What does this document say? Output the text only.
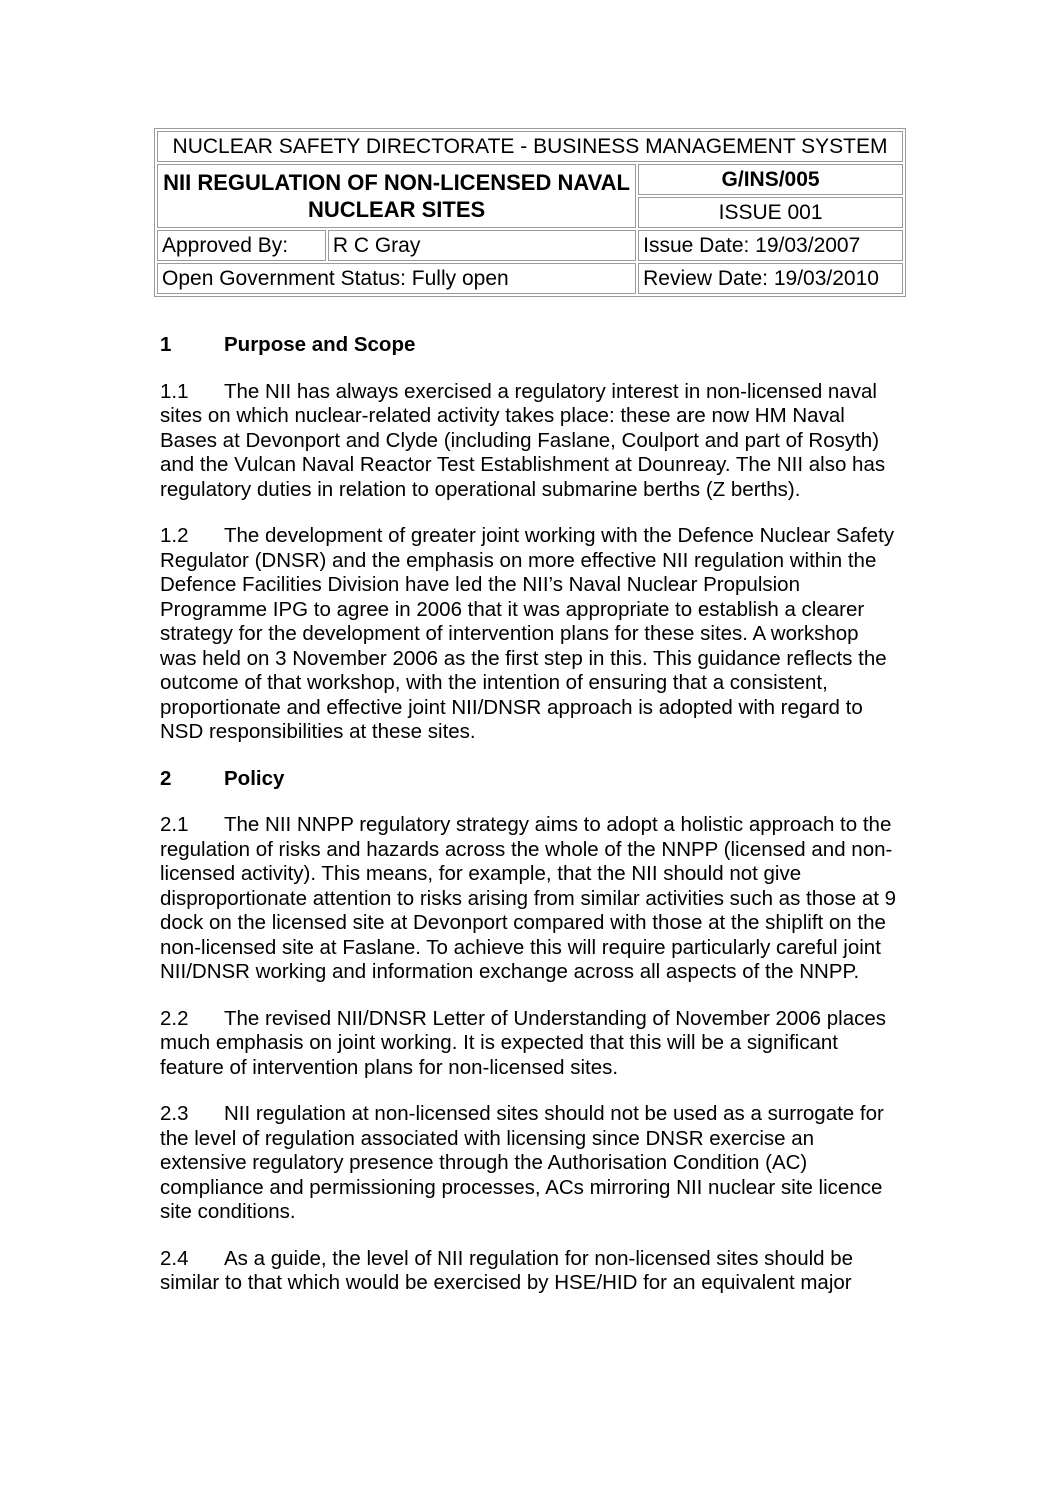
NUCLEAR SAFETY DIRECTORATE - BUSINESS MANAGEMENT SYSTEM		
NII REGULATION OF NON-LICENSED NAVAL NUCLEAR SITES		G/INS/005
		ISSUE 001
Approved By:	R C Gray	Issue Date: 19/03/2007
Open Government Status: Fully open		Review Date: 19/03/2010
1	Purpose and Scope

1.1 The NII has always exercised a regulatory interest in non-licensed naval sites on which nuclear-related activity takes place: these are now HM Naval Bases at Devonport and Clyde (including Faslane, Coulport and part of Rosyth) and the Vulcan Naval Reactor Test Establishment at Dounreay. The NII also has regulatory duties in relation to operational submarine berths (Z berths).

1.2 The development of greater joint working with the Defence Nuclear Safety Regulator (DNSR) and the emphasis on more effective NII regulation within the Defence Facilities Division have led the NII’s Naval Nuclear Propulsion Programme IPG to agree in 2006 that it was appropriate to establish a clearer strategy for the development of intervention plans for these sites. A workshop was held on 3 November 2006 as the first step in this. This guidance reflects the outcome of that workshop, with the intention of ensuring that a consistent, proportionate and effective joint NII/DNSR approach is adopted with regard to NSD responsibilities at these sites.

2	Policy

2.1 The NII NNPP regulatory strategy aims to adopt a holistic approach to the regulation of risks and hazards across the whole of the NNPP (licensed and non-licensed activity). This means, for example, that the NII should not give disproportionate attention to risks arising from similar activities such as those at 9 dock on the licensed site at Devonport compared with those at the shiplift on the non-licensed site at Faslane. To achieve this will require particularly careful joint NII/DNSR working and information exchange across all aspects of the NNPP.

2.2 The revised NII/DNSR Letter of Understanding of November 2006 places much emphasis on joint working. It is expected that this will be a significant feature of intervention plans for non-licensed sites.

2.3 NII regulation at non-licensed sites should not be used as a surrogate for the level of regulation associated with licensing since DNSR exercise an extensive regulatory presence through the Authorisation Condition (AC) compliance and permissioning processes, ACs mirroring NII nuclear site licence site conditions.

2.4 As a guide, the level of NII regulation for non-licensed sites should be similar to that which would be exercised by HSE/HID for an equivalent major
